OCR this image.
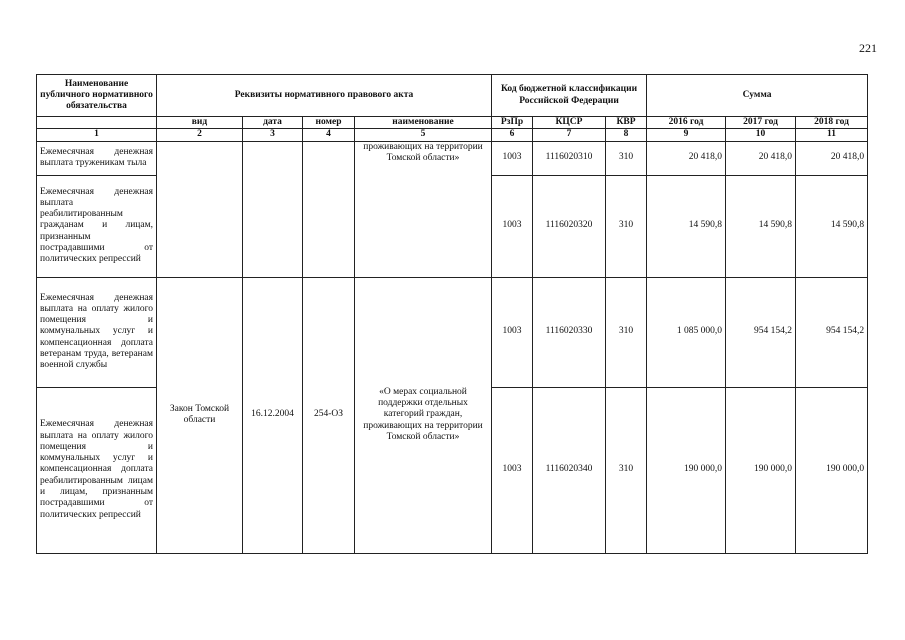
221
Наименование публичного нормативного обязательства	Реквизиты нормативного правового акта				Код бюджетной классификации Российской Федерации			Сумма		
	вид	дата	номер	наименование	РзПр	КЦСР	КВР	2016 год	2017 год	2018 год
1	2	3	4	5	6	7	8	9	10	11
Ежемесячная денежная выплата труженикам тыла				проживающих на территории Томской области»	1003	1116020310	310	20 418,0	20 418,0	20 418,0
Ежемесячная денежная выплата реабилитированным гражданам и лицам, признанным пострадавшими от политических репрессий					1003	1116020320	310	14 590,8	14 590,8	14 590,8
Ежемесячная денежная выплата на оплату жилого помещения и коммунальных услуг и компенсационная доплата ветеранам труда, ветеранам военной службы	Закон Томской области	16.12.2004	254-ОЗ	«О мерах социальной поддержки отдельных категорий граждан, проживающих на территории Томской области»	1003	1116020330	310	1 085 000,0	954 154,2	954 154,2
Ежемесячная денежная выплата на оплату жилого помещения и коммунальных услуг и компенсационная доплата реабилитированным лицам и лицам, признанным пострадавшими от политических репрессий					1003	1116020340	310	190 000,0	190 000,0	190 000,0
